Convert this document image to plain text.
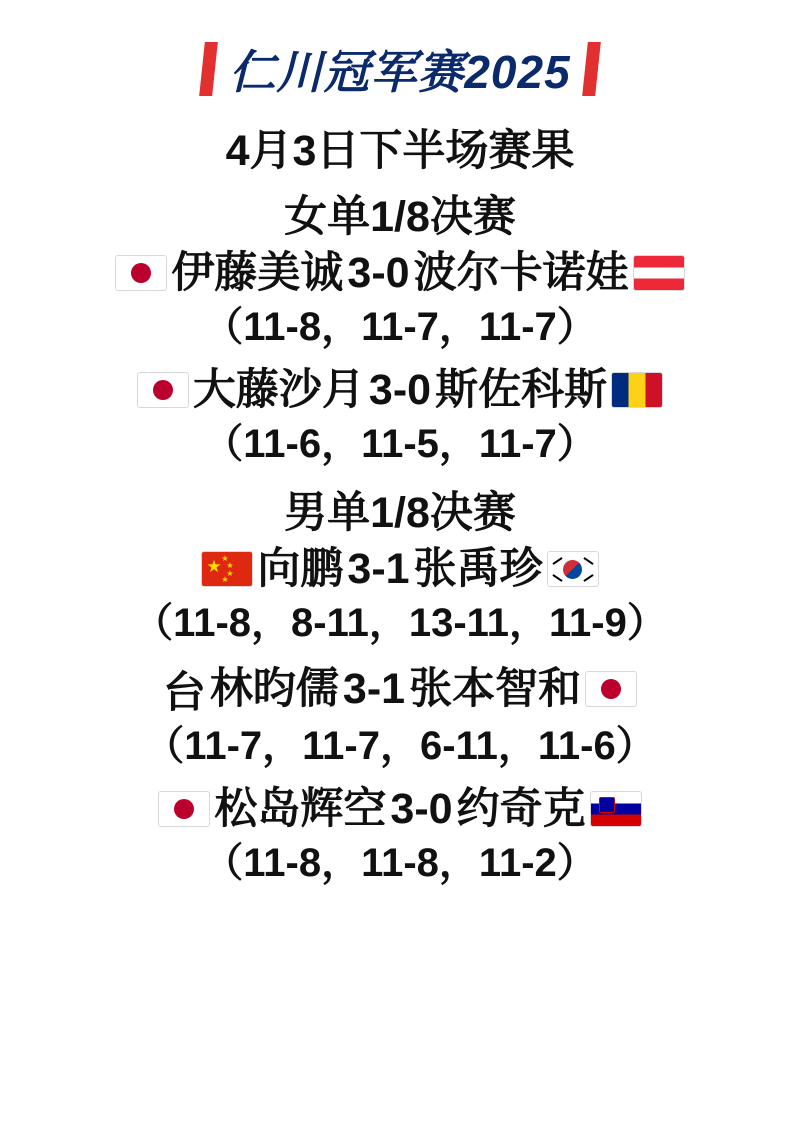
仁川冠军赛2025
4月3日下半场赛果
女单1/8决赛
伊藤美诚 3-0 波尔卡诺娃
（11-8，11-7，11-7）
大藤沙月 3-0 斯佐科斯
（11-6，11-5，11-7）
男单1/8决赛
★ ★
★
★
★ 向鹏 3-1 张禹珍
（11-8，8-11，13-11，11-9）
台 林昀儒 3-1 张本智和
（11-7，11-7，6-11，11-6）
松岛辉空 3-0 约奇克
（11-8，11-8，11-2）
